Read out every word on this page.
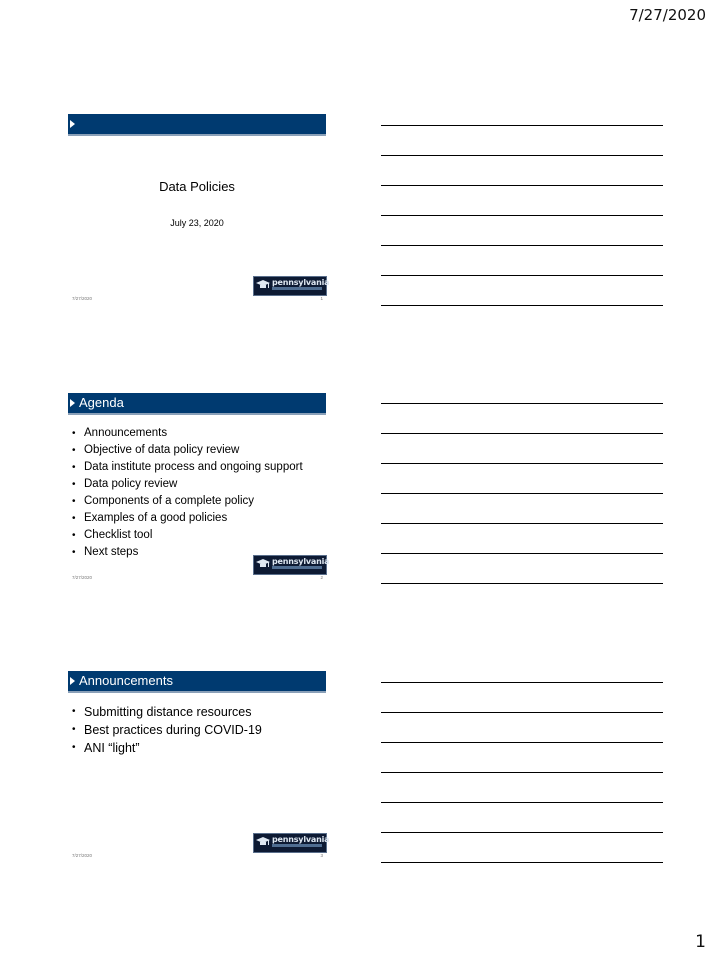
7/27/2020
Data Policies
July 23, 2020
pennsylvania
7/27/2020	1
Agenda
• Announcements
• Objective of data policy review
• Data institute process and ongoing support
• Data policy review
• Components of a complete policy
• Examples of a good policies
• Checklist tool
• Next steps
pennsylvania
7/27/2020	2
Announcements
• Submitting distance resources
• Best practices during COVID-19
• ANI “light”
pennsylvania
7/27/2020	3
1
